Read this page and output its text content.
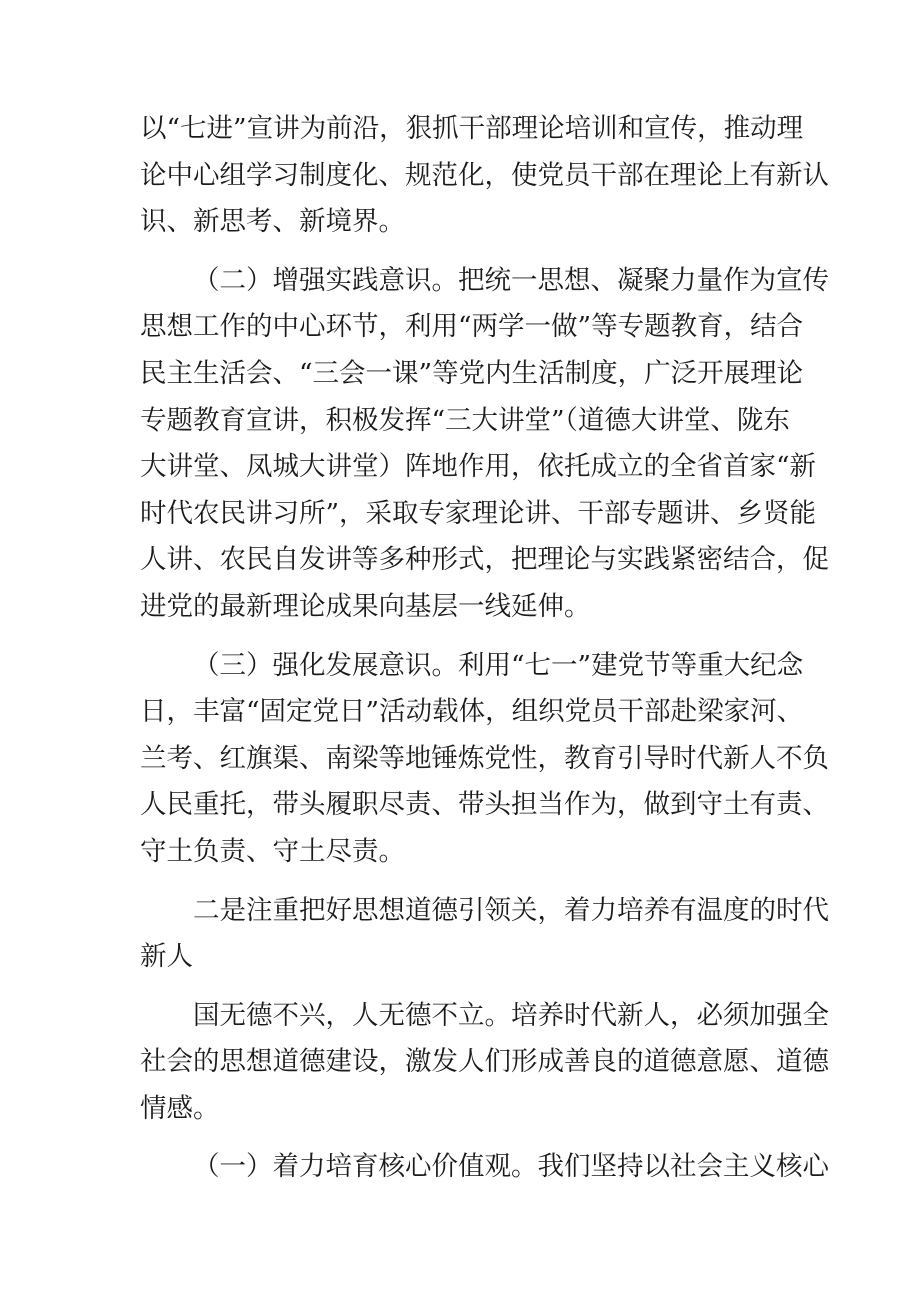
以“七进”宣讲为前沿，狠抓干部理论培训和宣传，推动理
论中心组学习制度化、规范化，使党员干部在理论上有新认
识、新思考、新境界。
（二）增强实践意识。把统一思想、凝聚力量作为宣传
思想工作的中心环节，利用“两学一做”等专题教育，结合
民主生活会、“三会一课”等党内生活制度，广泛开展理论
专题教育宣讲，积极发挥“三大讲堂”（道德大讲堂、陇东
大讲堂、凤城大讲堂）阵地作用，依托成立的全省首家“新
时代农民讲习所”，采取专家理论讲、干部专题讲、乡贤能
人讲、农民自发讲等多种形式，把理论与实践紧密结合，促
进党的最新理论成果向基层一线延伸。
（三）强化发展意识。利用“七一”建党节等重大纪念
日，丰富“固定党日”活动载体，组织党员干部赴梁家河、
兰考、红旗渠、南梁等地锤炼党性，教育引导时代新人不负
人民重托，带头履职尽责、带头担当作为，做到守土有责、
守土负责、守土尽责。
二是注重把好思想道德引领关，着力培养有温度的时代
新人
国无德不兴，人无德不立。培养时代新人，必须加强全
社会的思想道德建设，激发人们形成善良的道德意愿、道德
情感。
（一）着力培育核心价值观。我们坚持以社会主义核心
